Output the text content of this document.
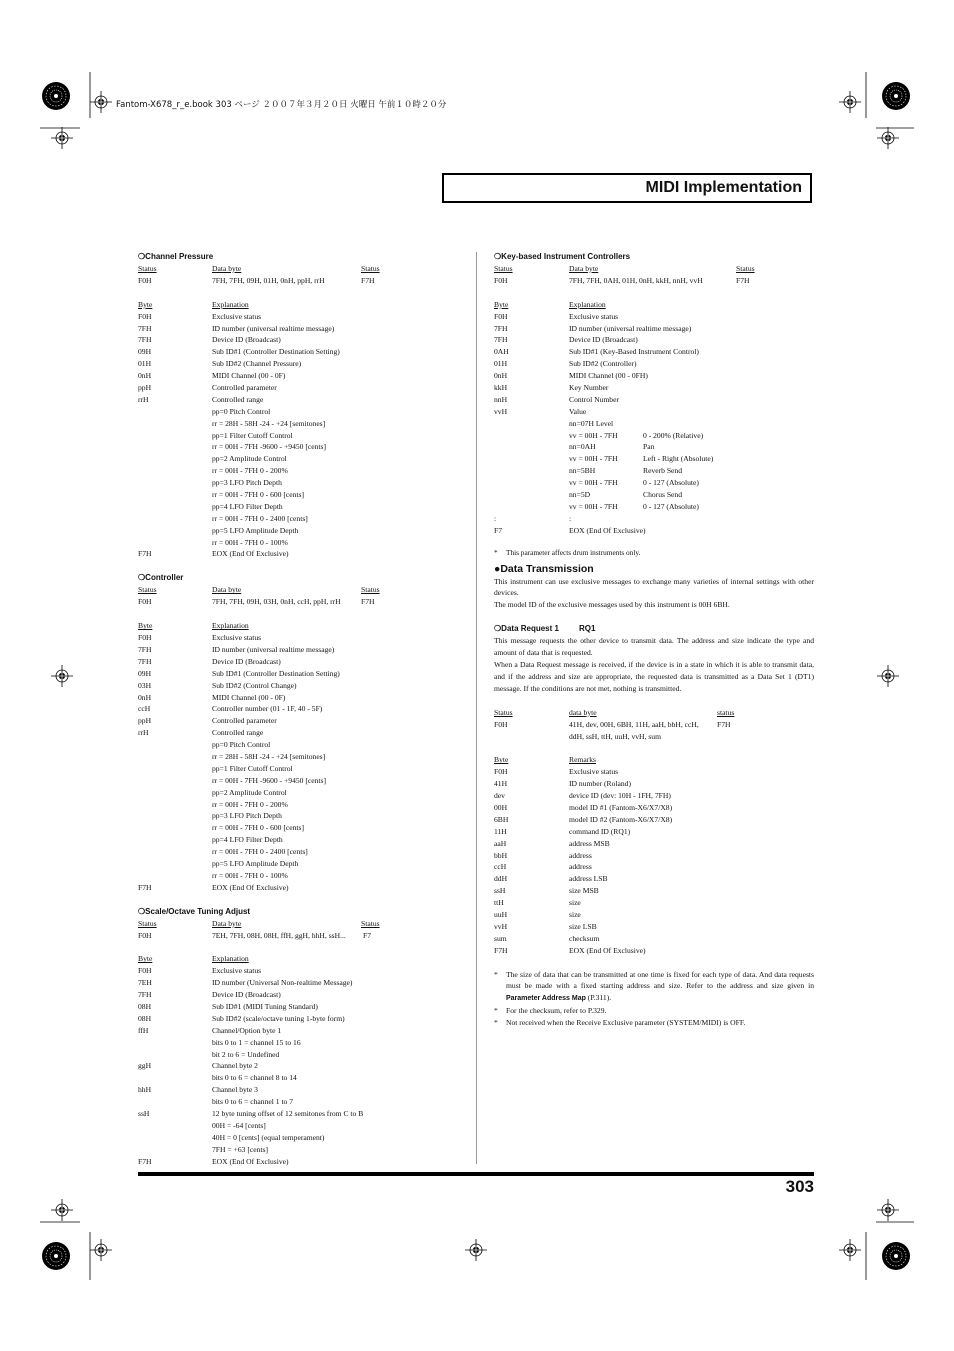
Fantom-X678_r_e.book 303 ページ ２００７年３月２０日 火曜日 午前１０時２０分
MIDI Implementation
❍Channel Pressure
Status	Data byte	Status
F0H	7FH, 7FH, 09H, 01H, 0nH, ppH, rrH	F7H
Byte	Explanation
F0H	Exclusive status
7FH	ID number (universal realtime message)
7FH	Device ID (Broadcast)
09H	Sub ID#1 (Controller Destination Setting)
01H	Sub ID#2 (Channel Pressure)
0nH	MIDI Channel (00 - 0F)
ppH	Controlled parameter
rrH	Controlled range
pp=0 Pitch Control
rr = 28H - 58H -24 - +24 [semitones]
pp=1 Filter Cutoff Control
rr = 00H - 7FH -9600 - +9450 [cents]
pp=2 Amplitude Control
rr = 00H - 7FH 0 - 200%
pp=3 LFO Pitch Depth
rr = 00H - 7FH 0 - 600 [cents]
pp=4 LFO Filter Depth
rr = 00H - 7FH 0 - 2400 [cents]
pp=5 LFO Amplitude Depth
rr = 00H - 7FH 0 - 100%
F7H	EOX (End Of Exclusive)
❍Controller
Status	Data byte	Status
F0H	7FH, 7FH, 09H, 03H, 0nH, ccH, ppH, rrH	F7H
Byte	Explanation
F0H	Exclusive status
7FH	ID number (universal realtime message)
7FH	Device ID (Broadcast)
09H	Sub ID#1 (Controller Destination Setting)
03H	Sub ID#2 (Control Change)
0nH	MIDI Channel (00 - 0F)
ccH	Controller number (01 - 1F, 40 - 5F)
ppH	Controlled parameter
rrH	Controlled range
pp=0 Pitch Control
rr = 28H - 58H -24 - +24 [semitones]
pp=1 Filter Cutoff Control
rr = 00H - 7FH -9600 - +9450 [cents]
pp=2 Amplitude Control
rr = 00H - 7FH 0 - 200%
pp=3 LFO Pitch Depth
rr = 00H - 7FH 0 - 600 [cents]
pp=4 LFO Filter Depth
rr = 00H - 7FH 0 - 2400 [cents]
pp=5 LFO Amplitude Depth
rr = 00H - 7FH 0 - 100%
F7H	EOX (End Of Exclusive)
❍Scale/Octave Tuning Adjust
Status	Data byte	Status
F0H	7EH, 7FH, 08H, 08H, ffH, ggH, hhH, ssH... F7
Byte	Explanation
F0H	Exclusive status
7EH	ID number (Universal Non-realtime Message)
7FH	Device ID (Broadcast)
08H	Sub ID#1 (MIDI Tuning Standard)
08H	Sub ID#2 (scale/octave tuning 1-byte form)
ffH	Channel/Option byte 1
bits 0 to 1 = channel 15 to 16
bit 2 to 6 = Undefined
ggH	Channel byte 2
bits 0 to 6 = channel 8 to 14
hhH	Channel byte 3
bits 0 to 6 = channel 1 to 7
ssH	12 byte tuning offset of 12 semitones from C to B
00H = -64 [cents]
40H = 0 [cents] (equal temperament)
7FH = +63 [cents]
F7H	EOX (End Of Exclusive)
❍Key-based Instrument Controllers
Status	Data byte	Status
F0H	7FH, 7FH, 0AH, 01H, 0nH, kkH, nnH, vvH	F7H
Byte	Explanation
F0H	Exclusive status
7FH	ID number (universal realtime message)
7FH	Device ID (Broadcast)
0AH	Sub ID#1 (Key-Based Instrument Control)
01H	Sub ID#2 (Controller)
0nH	MIDI Channel (00 - 0FH)
kkH	Key Number
nnH	Control Number
vvH	Value
nn=07H Level
vv = 00H - 7FH	0 - 200% (Relative)
nn=0AH	Pan
vv = 00H - 7FH	Left - Right (Absolute)
nn=5BH	Reverb Send
vv = 00H - 7FH	0 - 127 (Absolute)
nn=5D	Chorus Send
vv = 00H - 7FH	0 - 127 (Absolute)
:	:
F7	EOX (End Of Exclusive)
* This parameter affects drum instruments only.
●Data Transmission
This instrument can use exclusive messages to exchange many varieties of internal settings with other devices.
The model ID of the exclusive messages used by this instrument is 00H 6BH.
❍Data Request 1	RQ1
This message requests the other device to transmit data. The address and size indicate the type and amount of data that is requested.
When a Data Request message is received, if the device is in a state in which it is able to transmit data, and if the address and size are appropriate, the requested data is transmitted as a Data Set 1 (DT1) message. If the conditions are not met, nothing is transmitted.
Status	data byte	status
F0H	41H, dev, 00H, 6BH, 11H, aaH, bbH, ccH, F7H
ddH, ssH, ttH, uuH, vvH, sum
Byte	Remarks
F0H	Exclusive status
41H	ID number (Roland)
dev	device ID (dev: 10H - 1FH, 7FH)
00H	model ID #1 (Fantom-X6/X7/X8)
6BH	model ID #2 (Fantom-X6/X7/X8)
11H	command ID (RQ1)
aaH	address MSB
bbH	address
ccH	address
ddH	address LSB
ssH	size MSB
ttH	size
uuH	size
vvH	size LSB
sum	checksum
F7H	EOX (End Of Exclusive)
* The size of data that can be transmitted at one time is fixed for each type of data. And data requests must be made with a fixed starting address and size. Refer to the address and size given in Parameter Address Map (P.311).
* For the checksum, refer to P.329.
* Not received when the Receive Exclusive parameter (SYSTEM/MIDI) is OFF.
303
